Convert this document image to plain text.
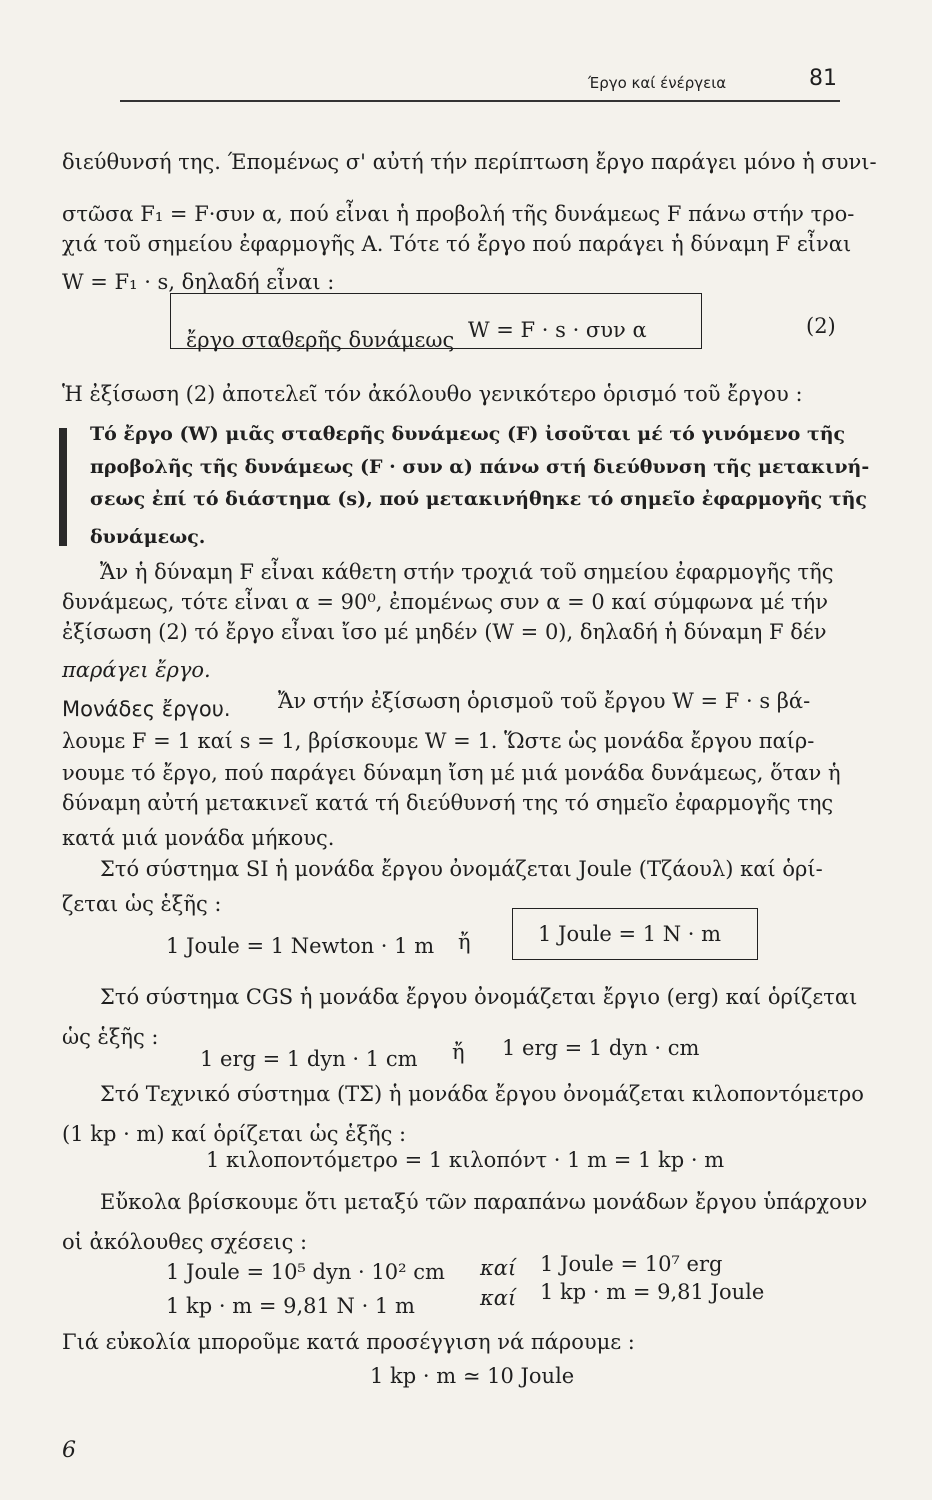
Έργο καί ένέργεια	81
διεύθυνσή της. Έπομένως σ' αὐτή τήν περίπτωση ἔργο παράγει μόνο ἡ συνι-
στῶσα F₁ = F·συν α, πού εἶναι ἡ προβολή τῆς δυνάμεως F πάνω στήν τρο-
χιά τοῦ σημείου ἐφαρμογῆς Α. Τότε τό ἔργο πού παράγει ἡ δύναμη F εἶναι
W = F₁ · s, δηλαδή εἶναι :
ἔργο σταθερῆς δυνάμεως W = F · s · συν α	(2)
Ἡ ἐξίσωση (2) ἀποτελεῖ τόν ἀκόλουθο γενικότερο ὁρισμό τοῦ ἔργου :
Τό ἔργο (W) μιᾶς σταθερῆς δυνάμεως (F) ἰσοῦται μέ τό γινόμενο τῆς
προβολῆς τῆς δυνάμεως (F · συν α) πάνω στή διεύθυνση τῆς μετακινή-
σεως ἐπί τό διάστημα (s), πού μετακινήθηκε τό σημεῖο ἐφαρμογῆς τῆς
δυνάμεως.
Ἄν ἡ δύναμη F εἶναι κάθετη στήν τροχιά τοῦ σημείου ἐφαρμογῆς τῆς
δυνάμεως, τότε εἶναι α = 90⁰, ἐπομένως συν α = 0 καί σύμφωνα μέ τήν
ἐξίσωση (2) τό ἔργο εἶναι ἴσο μέ μηδέν (W = 0), δηλαδή ἡ δύναμη F δέν
παράγει ἔργο.
Μονάδες ἔργου. Ἄν στήν ἐξίσωση ὁρισμοῦ τοῦ ἔργου W = F · s βά-
λουμε F = 1 καί s = 1, βρίσκουμε W = 1. Ὥστε ὡς μονάδα ἔργου παίρ-
νουμε τό ἔργο, πού παράγει δύναμη ἴση μέ μιά μονάδα δυνάμεως, ὅταν ἡ
δύναμη αὐτή μετακινεῖ κατά τή διεύθυνσή της τό σημεῖο ἐφαρμογῆς της
κατά μιά μονάδα μήκους.
Στό σύστημα SI ἡ μονάδα ἔργου ὀνομάζεται Joule (Τζάουλ) καί ὁρί-
ζεται ὡς ἑξῆς :
1 Joule = 1 Newton · 1 m ἤ	1 Joule = 1 N · m
Στό σύστημα CGS ἡ μονάδα ἔργου ὀνομάζεται ἔργιο (erg) καί ὁρίζεται
ὡς ἑξῆς :
1 erg = 1 dyn · 1 cm ἤ 1 erg = 1 dyn · cm
Στό Τεχνικό σύστημα (ΤΣ) ἡ μονάδα ἔργου ὀνομάζεται κιλοποντόμετρο
(1 kp · m) καί ὁρίζεται ὡς ἑξῆς :
1 κιλοποντόμετρο = 1 κιλοπόντ · 1 m = 1 kp · m
Εὔκολα βρίσκουμε ὅτι μεταξύ τῶν παραπάνω μονάδων ἔργου ὑπάρχουν
οἱ ἀκόλουθες σχέσεις :
1 Joule = 10⁵ dyn · 10² cm καί 1 Joule = 10⁷ erg
1 kp · m = 9,81 N · 1 m	καί 1 kp · m = 9,81 Joule
Γιά εὐκολία μποροῦμε κατά προσέγγιση νά πάρουμε :
1 kp · m ≃ 10 Joule
6
